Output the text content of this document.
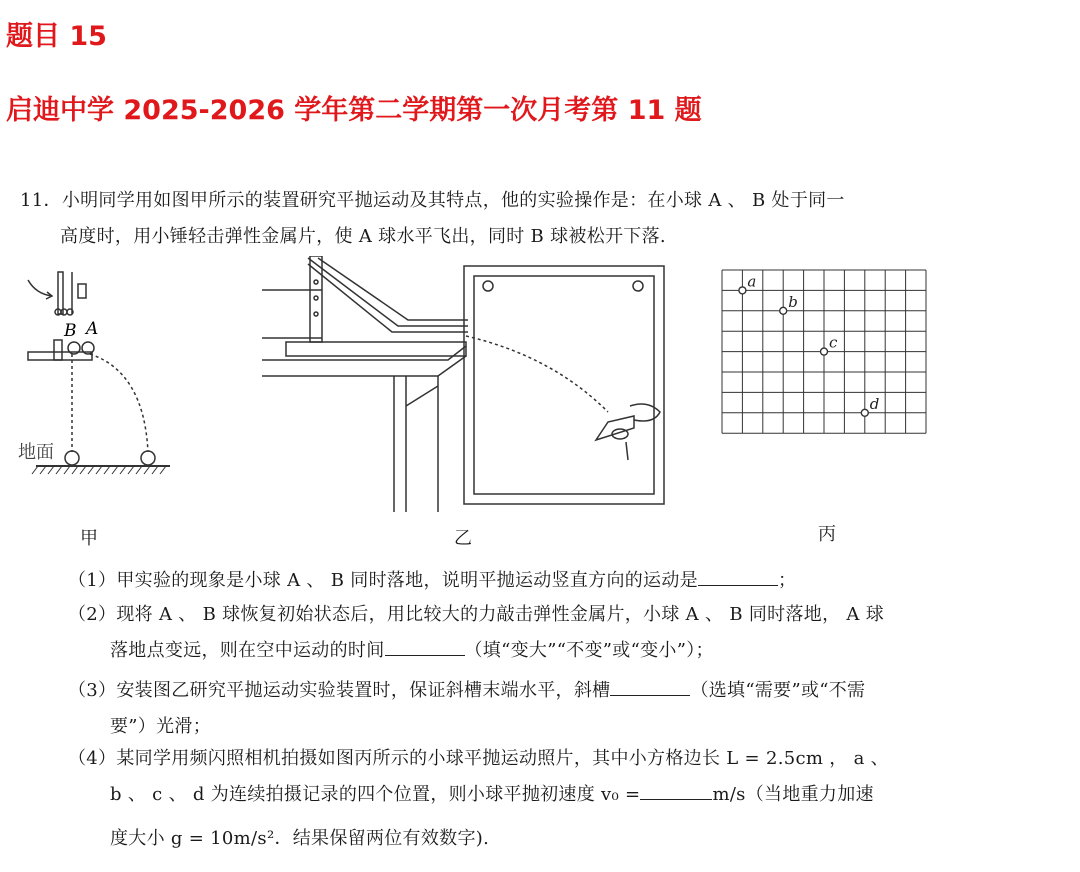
题目 15
启迪中学 2025-2026 学年第二学期第一次月考第 11 题
11．小明同学用如图甲所示的装置研究平抛运动及其特点，他的实验操作是：在小球 A 、 B 处于同一
高度时，用小锤轻击弹性金属片，使 A 球水平飞出，同时 B 球被松开下落.
B A
地面
甲	乙
a
b
c
d
丙
（1）甲实验的现象是小球 A 、 B 同时落地，说明平抛运动竖直方向的运动是	；
（2）现将 A 、 B 球恢复初始状态后，用比较大的力敲击弹性金属片，小球 A 、 B 同时落地， A 球
落地点变远，则在空中运动的时间	（填“变大”“不变”或“变小”）；
（3）安装图乙研究平抛运动实验装置时，保证斜槽末端水平，斜槽	（选填“需要”或“不需
要”）光滑；
（4）某同学用频闪照相机拍摄如图丙所示的小球平抛运动照片，其中小方格边长 L = 2.5cm ， a 、
b 、 c 、 d 为连续拍摄记录的四个位置，则小球平抛初速度 v₀ =	m/s（当地重力加速
度大小 g = 10m/s²．结果保留两位有效数字).
